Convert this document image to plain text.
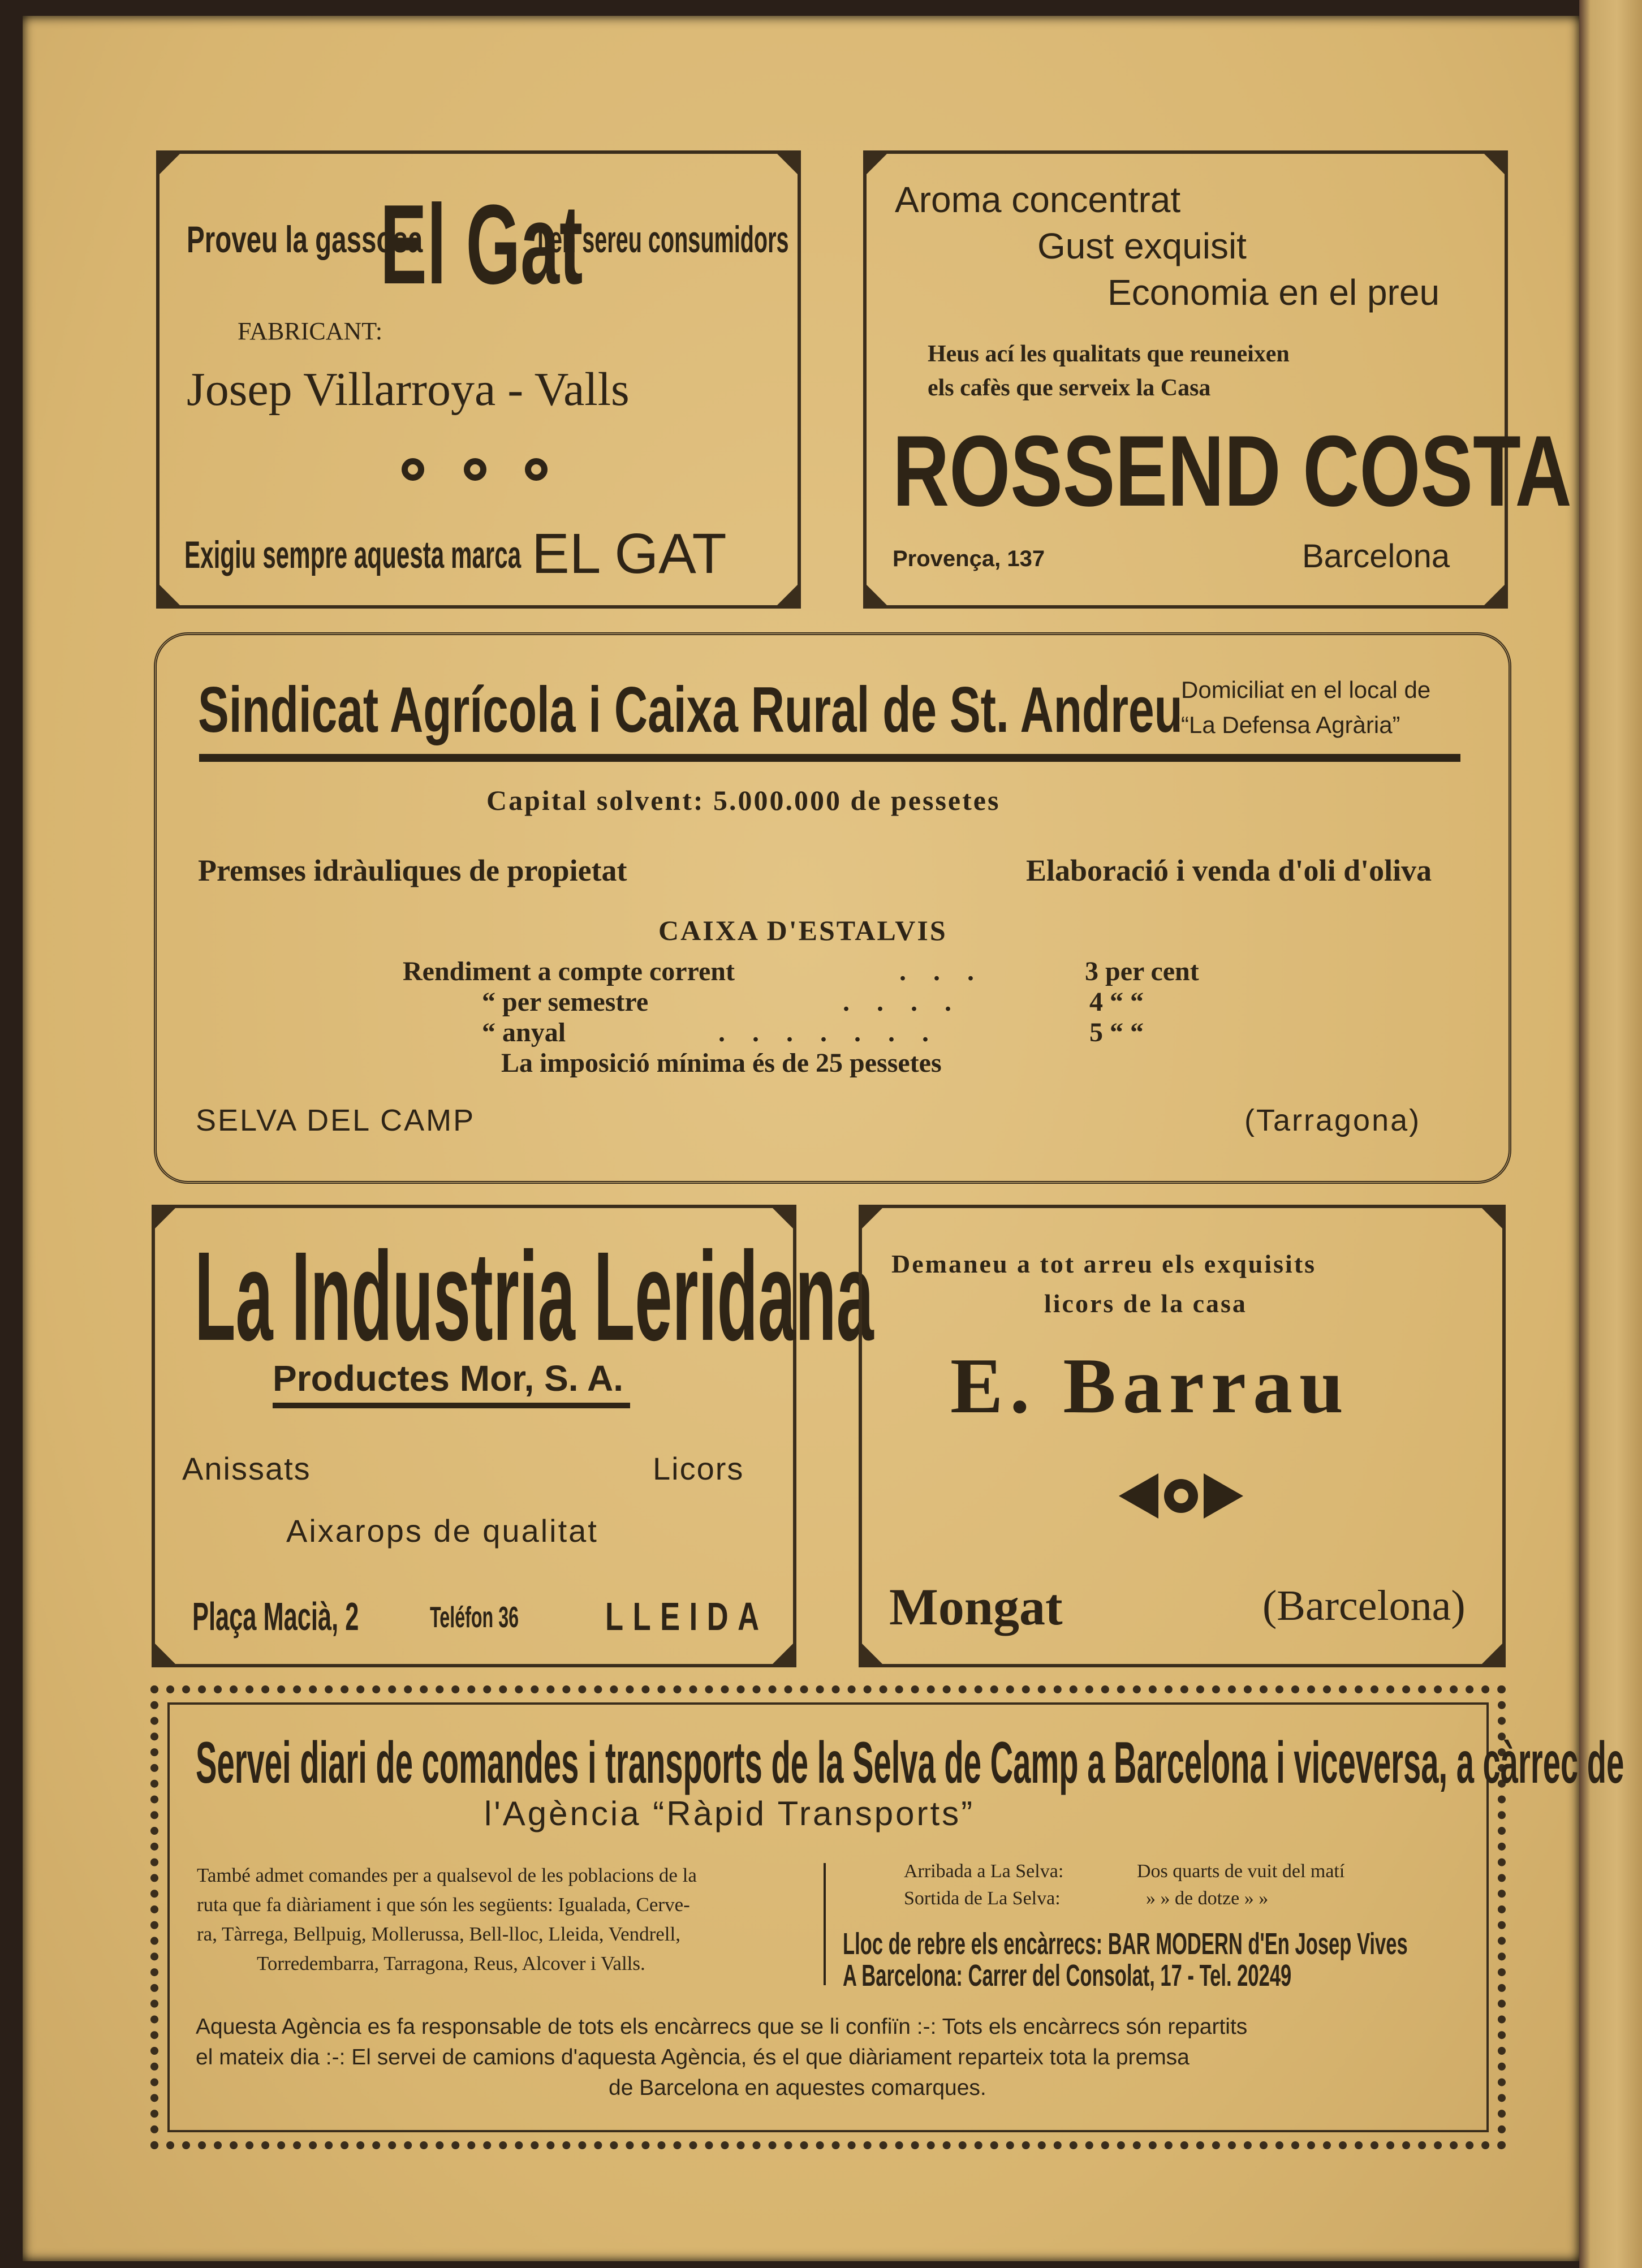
Proveu la gassosa
El Gat
i en sereu consumidors
FABRICANT:
Josep Villarroya - Valls
Exigiu sempre aquesta marca EL GAT
Aroma concentrat
Gust exquisit
Economia en el preu
Heus ací les qualitats que reuneixen
els cafès que serveix la Casa
ROSSEND COSTA
Provença, 137	Barcelona
Sindicat Agrícola i Caixa Rural de St. Andreu
Domiciliat en el local de
“La Defensa Agrària”
Capital solvent: 5.000.000 de pessetes
Premses idràuliques de propietat	Elaboració i venda d'oli d'oliva
CAIXA D'ESTALVIS
Rendiment a compte corrent	. . .	3 per cent
“ per semestre	. . . .	4 “ “
“ anyal	. . . . . . .	5 “ “
La imposició mínima és de 25 pessetes
SELVA DEL CAMP	(Tarragona)
La Industria Leridana
Productes Mor, S. A.
Anissats	Licors
Aixarops de qualitat
Plaça Macià, 2 Teléfon 36 LLEIDA
Demaneu a tot arreu els exquisits
licors de la casa
E. Barrau
Mongat	(Barcelona)
Servei diari de comandes i transports de la Selva de Camp a Barcelona i viceversa, a càrrec de
l'Agència “Ràpid Transports”
També admet comandes per a qualsevol de les poblacions de la
ruta que fa diàriament i que són les següents: Igualada, Cerve-
ra, Tàrrega, Bellpuig, Mollerussa, Bell-lloc, Lleida, Vendrell,
Torredembarra, Tarragona, Reus, Alcover i Valls.
Arribada a La Selva:	Dos quarts de vuit del matí
Sortida de La Selva:	» » de dotze » »
Lloc de rebre els encàrrecs: BAR MODERN d'En Josep Vives
A Barcelona: Carrer del Consolat, 17 - Tel. 20249
Aquesta Agència es fa responsable de tots els encàrrecs que se li confiïn :-: Tots els encàrrecs són repartits
el mateix dia :-: El servei de camions d'aquesta Agència, és el que diàriament reparteix tota la premsa
de Barcelona en aquestes comarques.
